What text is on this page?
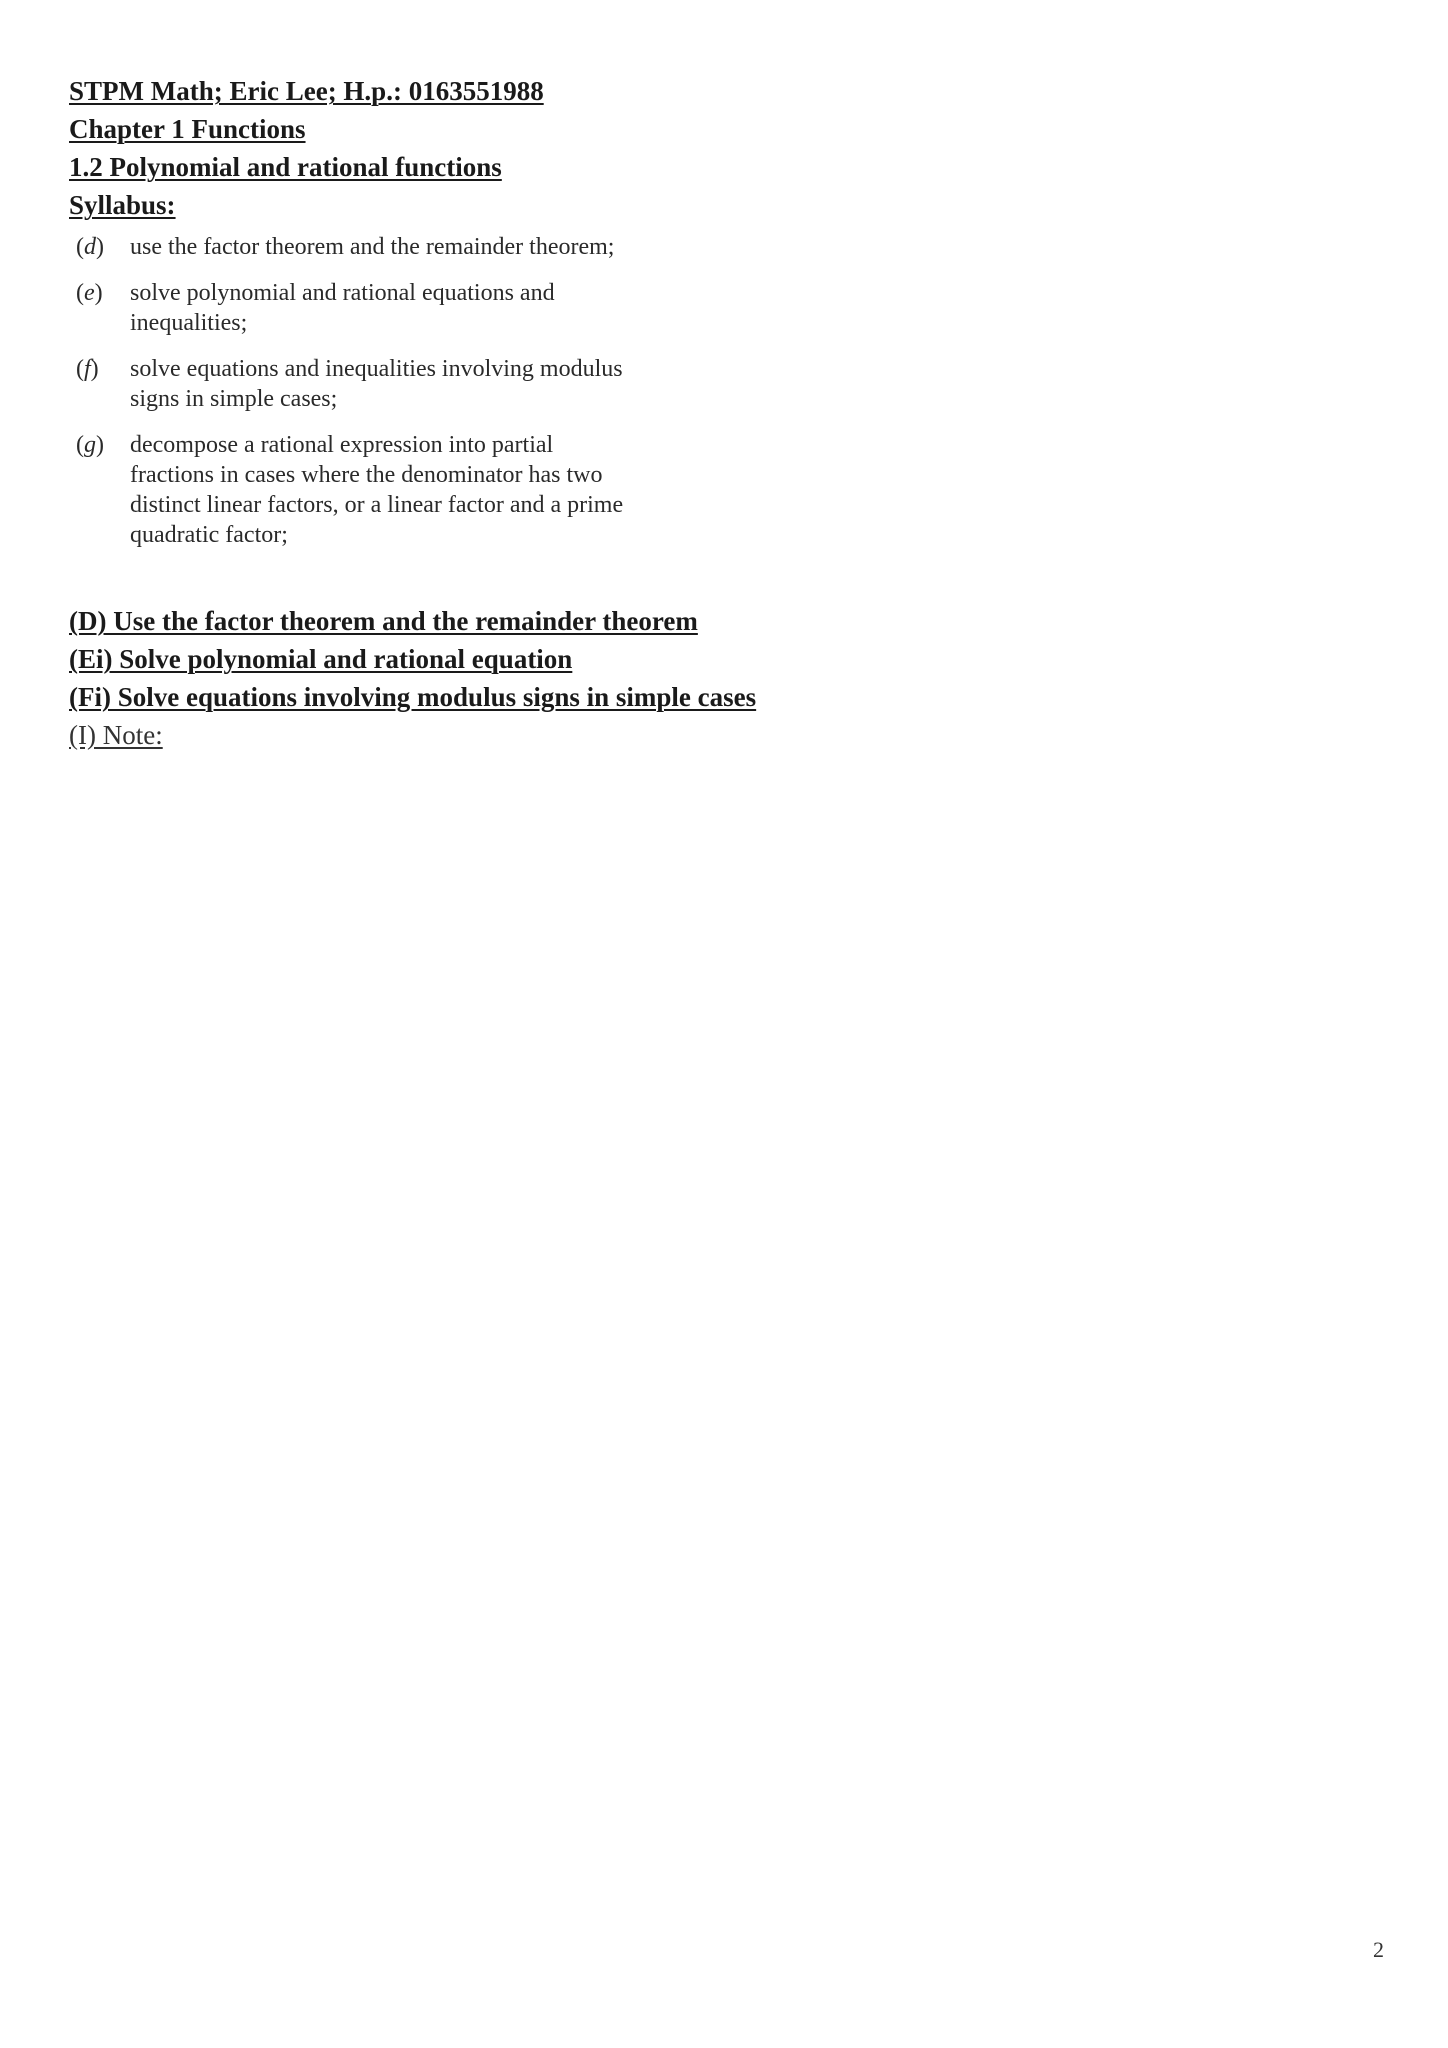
STPM Math; Eric Lee; H.p.: 0163551988
Chapter 1 Functions
1.2 Polynomial and rational functions
Syllabus:
(d)	use the factor theorem and the remainder theorem;
(e)	solve polynomial and rational equations and inequalities;
(f)	solve equations and inequalities involving modulus signs in simple cases;
(g)	decompose a rational expression into partial fractions in cases where the denominator has two distinct linear factors, or a linear factor and a prime quadratic factor;
(D) Use the factor theorem and the remainder theorem
(Ei) Solve polynomial and rational equation
(Fi) Solve equations involving modulus signs in simple cases
(I) Note:
2
